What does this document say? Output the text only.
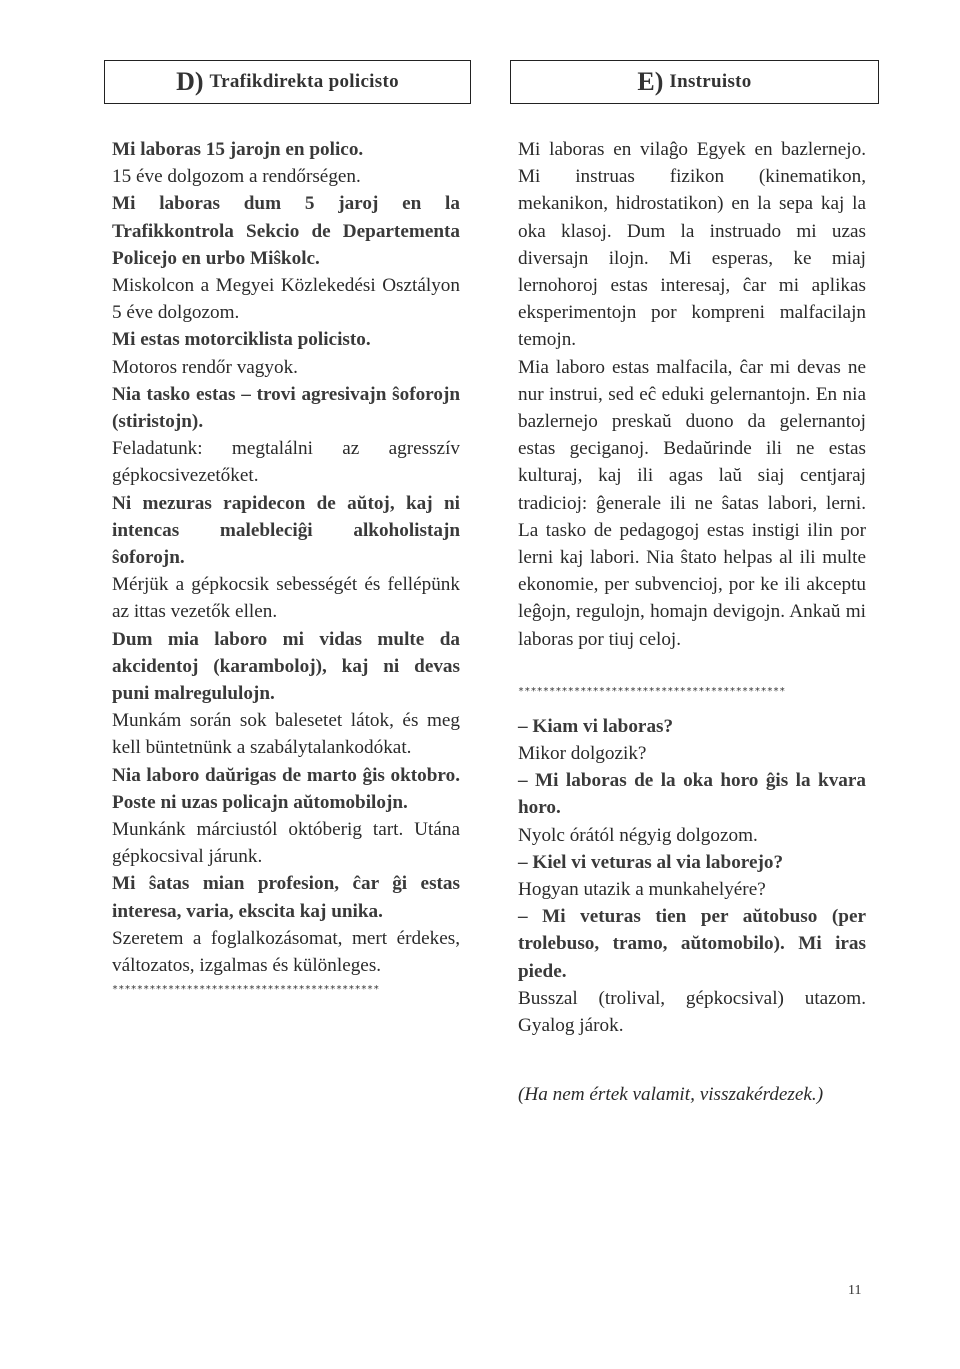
D) Trafikdirekta policisto	E) Instruisto

Mi laboras 15 jarojn en polico.

15 éve dolgozom a rendőrségen.

Mi laboras dum 5 jaroj en la Trafikkontrola Sekcio de Departementa Policejo en urbo Miŝkolc.

Miskolcon a Megyei Közlekedési Osztályon 5 éve dolgozom.

Mi estas motorciklista policisto.

Motoros rendőr vagyok.

Nia tasko estas – trovi agresivajn ŝoforojn (stiristojn).

Feladatunk: megtalálni az agresszív gépkocsivezetőket.

Ni mezuras rapidecon de aŭtoj, kaj ni intencas malebleciĝi alkoholistajn ŝoforojn.

Mérjük a gépkocsik sebességét és fellépünk az ittas vezetők ellen.

Dum mia laboro mi vidas multe da akcidentoj (karamboloj), kaj ni devas puni malregululojn.

Munkám során sok balesetet látok, és meg kell büntetnünk a szabálytalankodókat.

Nia laboro daŭrigas de marto ĝis oktobro. Poste ni uzas policajn aŭtomobilojn.

Munkánk márciustól októberig tart. Utána gépkocsival járunk.

Mi ŝatas mian profesion, ĉar ĝi estas interesa, varia, ekscita kaj unika.

Szeretem a foglalkozásomat, mert érdekes, változatos, izgalmas és különleges.

*******************************************

Mi laboras en vilaĝo Egyek en bazlernejo. Mi instruas fizikon (kinematikon, mekanikon, hidrostatikon) en la sepa kaj la oka klasoj. Dum la instruado mi uzas diversajn ilojn. Mi esperas, ke miaj lernohoroj estas interesaj, ĉar mi aplikas eksperimentojn por kompreni malfacilajn temojn.

Mia laboro estas malfacila, ĉar mi devas ne nur instrui, sed eĉ eduki gelernantojn. En nia bazlernejo preskaŭ duono da gelernantoj estas geciganoj. Bedaŭrinde ili ne estas kulturaj, kaj ili agas laŭ siaj centjaraj tradicioj: ĝenerale ili ne ŝatas labori, lerni. La tasko de pedagogoj estas instigi ilin por lerni kaj labori. Nia ŝtato helpas al ili multe ekonomie, per subvencioj, por ke ili akceptu leĝojn, regulojn, homajn devigojn. Ankaŭ mi laboras por tiuj celoj.

*******************************************

– Kiam vi laboras?

Mikor dolgozik?

– Mi laboras de la oka horo ĝis la kvara horo.

Nyolc órától négyig dolgozom.

– Kiel vi veturas al via laborejo?

Hogyan utazik a munkahelyére?

– Mi veturas tien per aŭtobuso (per trolebuso, tramo, aŭtomobilo). Mi iras piede.

Busszal (trolival, gépkocsival) utazom. Gyalog járok.

(Ha nem értek valamit, visszakérdezek.)

11
